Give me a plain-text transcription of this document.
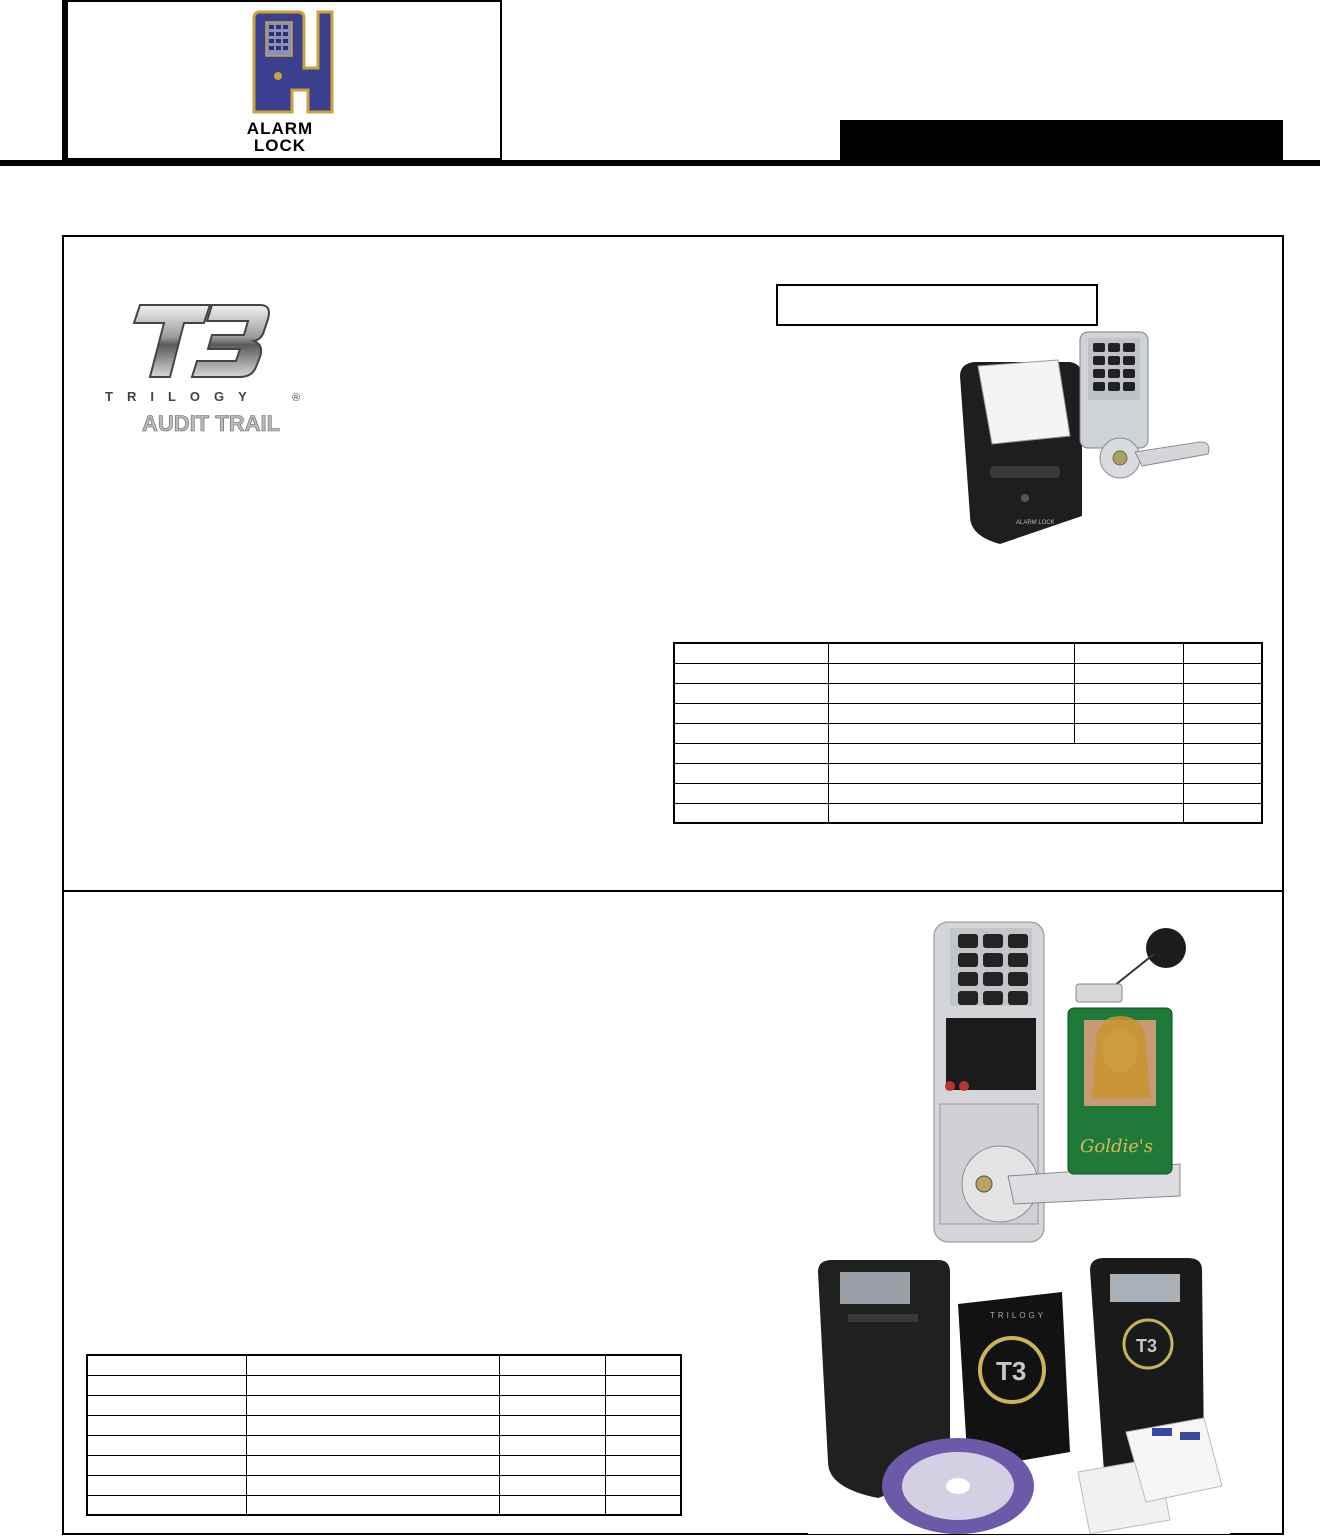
ALARM
LOCK
TRILOGY	®
AUDIT TRAIL
ALARM LOCK

Goldie's
T3
TRILOGY
T3
